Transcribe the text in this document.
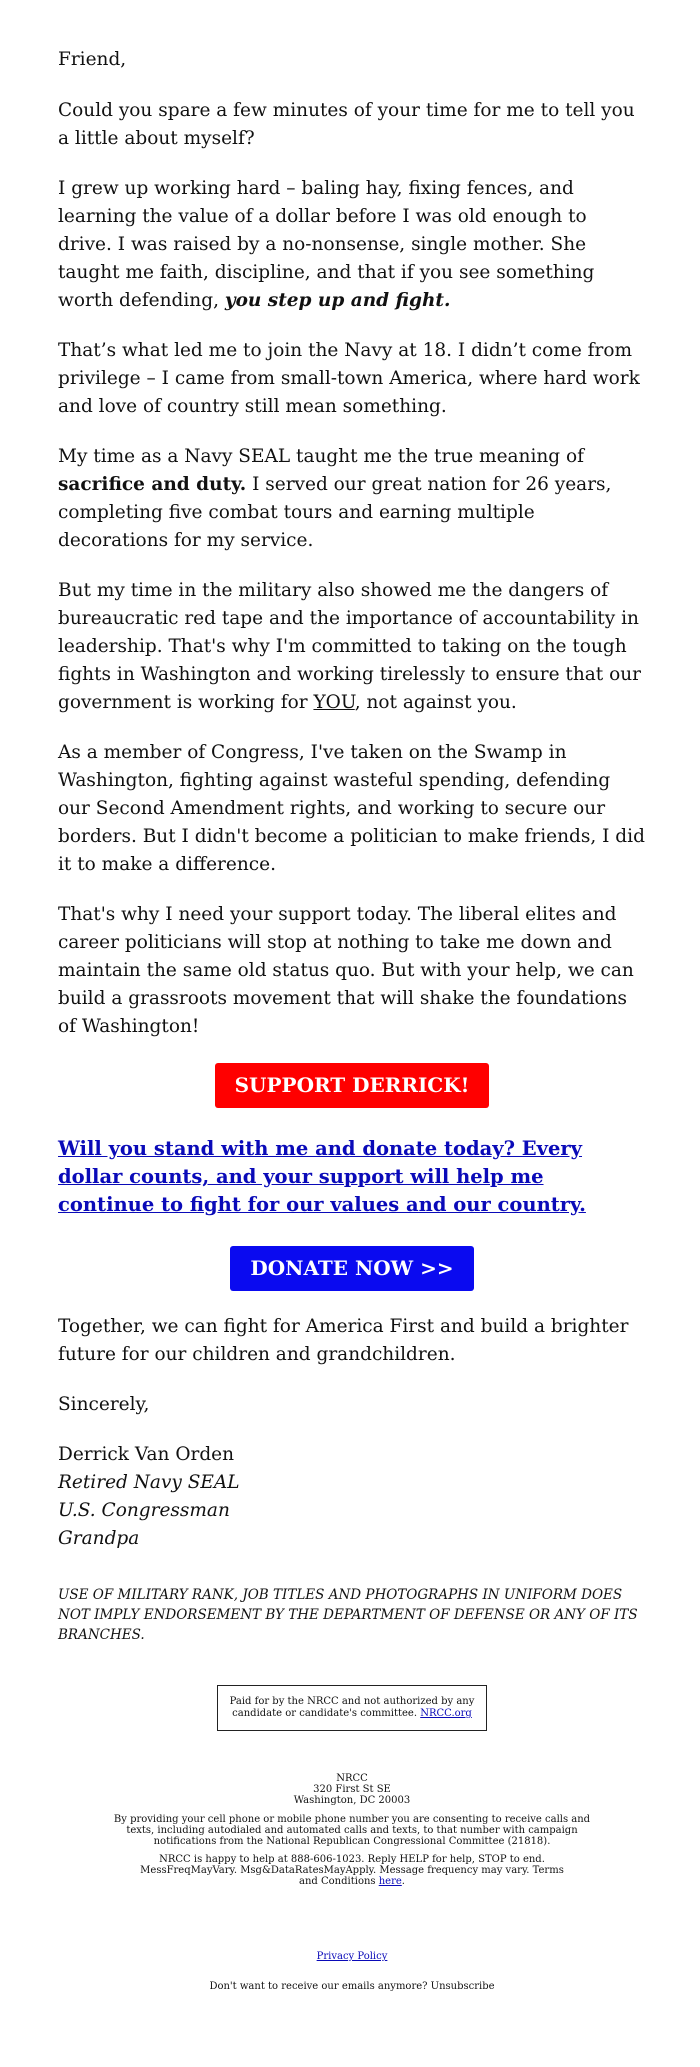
Friend,

Could you spare a few minutes of your time for me to tell you a little about myself?

I grew up working hard – baling hay, fixing fences, and learning the value of a dollar before I was old enough to drive. I was raised by a no-nonsense, single mother. She taught me faith, discipline, and that if you see something worth defending, you step up and fight.

That’s what led me to join the Navy at 18. I didn’t come from privilege – I came from small-town America, where hard work and love of country still mean something.

My time as a Navy SEAL taught me the true meaning of sacrifice and duty. I served our great nation for 26 years, completing five combat tours and earning multiple decorations for my service.

But my time in the military also showed me the dangers of bureaucratic red tape and the importance of accountability in leadership. That's why I'm committed to taking on the tough fights in Washington and working tirelessly to ensure that our government is working for YOU, not against you.

As a member of Congress, I've taken on the Swamp in Washington, fighting against wasteful spending, defending our Second Amendment rights, and working to secure our borders. But I didn't become a politician to make friends, I did it to make a difference.

That's why I need your support today. The liberal elites and career politicians will stop at nothing to take me down and maintain the same old status quo. But with your help, we can build a grassroots movement that will shake the foundations of Washington!

SUPPORT DERRICK!
Will you stand with me and donate today? Every dollar counts, and your support will help me continue to fight for our values and our country.
DONATE NOW >>

Together, we can fight for America First and build a brighter future for our children and grandchildren.

Sincerely,

Derrick Van Orden

Retired Navy SEAL

U.S. Congressman

Grandpa

USE OF MILITARY RANK, JOB TITLES AND PHOTOGRAPHS IN UNIFORM DOES NOT IMPLY ENDORSEMENT BY THE DEPARTMENT OF DEFENSE OR ANY OF ITS BRANCHES.

Paid for by the NRCC and not authorized by any candidate or candidate's committee. NRCC.org
NRCC
320 First St SE
Washington, DC 20003
By providing your cell phone or mobile phone number you are consenting to receive calls and texts, including autodialed and automated calls and texts, to that number with campaign notifications from the National Republican Congressional Committee (21818).
NRCC is happy to help at 888-606-1023. Reply HELP for help, STOP to end. MessFreqMayVary. Msg&DataRatesMayApply. Message frequency may vary. Terms and Conditions here.
Privacy Policy
Don't want to receive our emails anymore? Unsubscribe
